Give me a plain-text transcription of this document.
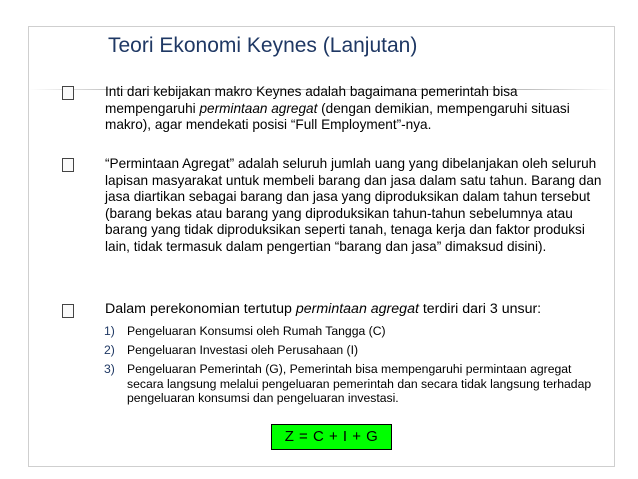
Teori Ekonomi Keynes (Lanjutan)
Inti dari kebijakan makro Keynes adalah bagaimana pemerintah bisa mempengaruhi permintaan agregat (dengan demikian, mempengaruhi situasi makro), agar mendekati posisi “Full Employment”-nya.
“Permintaan Agregat” adalah seluruh jumlah uang yang dibelanjakan oleh seluruh lapisan masyarakat untuk membeli barang dan jasa dalam satu tahun. Barang dan jasa diartikan sebagai barang dan jasa yang diproduksikan dalam tahun tersebut (barang bekas atau barang yang diproduksikan tahun-tahun sebelumnya atau barang yang tidak diproduksikan seperti tanah, tenaga kerja dan faktor produksi lain, tidak termasuk dalam pengertian “barang dan jasa” dimaksud disini).
Dalam perekonomian tertutup permintaan agregat terdiri dari 3 unsur:
1) Pengeluaran Konsumsi oleh Rumah Tangga (C)
2) Pengeluaran Investasi oleh Perusahaan (I)
3) Pengeluaran Pemerintah (G), Pemerintah bisa mempengaruhi permintaan agregat secara langsung melalui pengeluaran pemerintah dan secara tidak langsung terhadap pengeluaran konsumsi dan pengeluaran investasi.
Z = C + I + G
